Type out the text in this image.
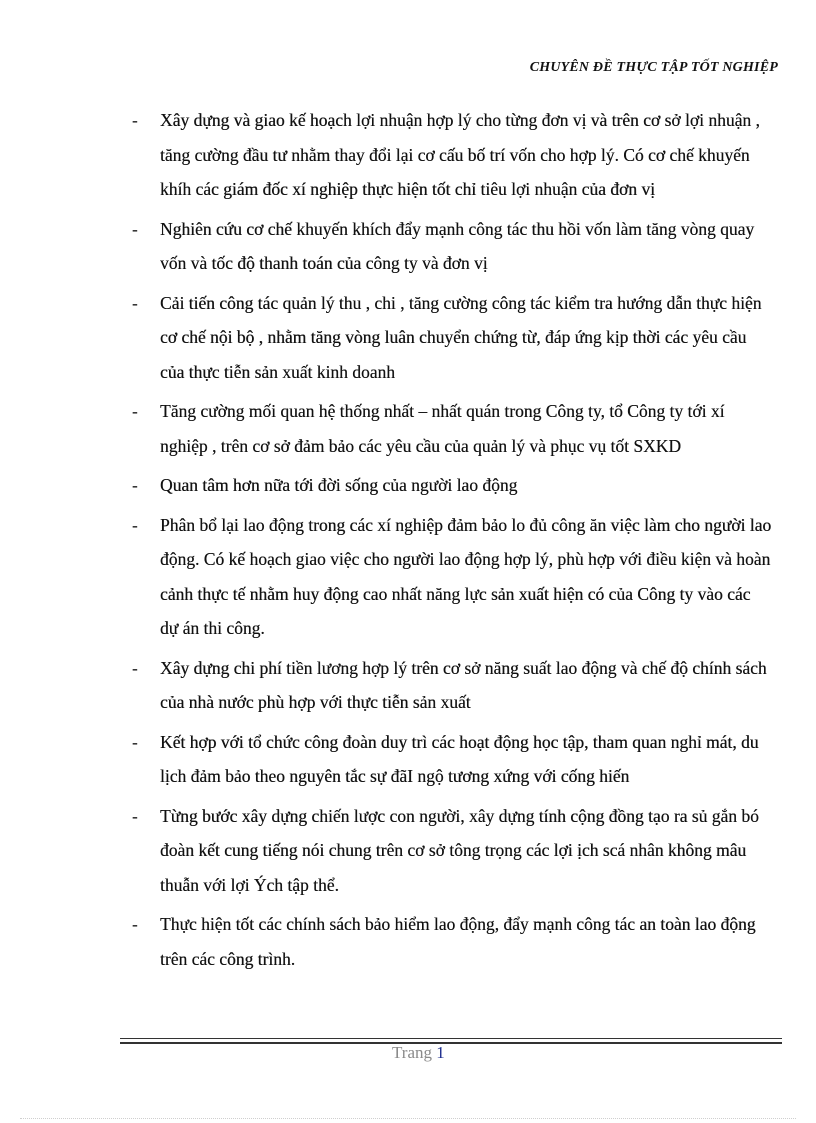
CHUYÊN ĐỀ THỰC TẬP TỐT NGHIỆP
-	Xây dựng và giao kế hoạch lợi nhuận hợp lý cho từng đơn vị và trên cơ sở lợi nhuận , tăng cường đầu tư nhằm thay đổi lại cơ cấu bố trí vốn cho hợp lý. Có cơ chế khuyến khíh các giám đốc xí nghiệp thực hiện tốt chỉ tiêu lợi nhuận của đơn vị
-	Nghiên cứu cơ chế khuyến khích đẩy mạnh công tác thu hồi vốn làm tăng vòng quay vốn và tốc độ thanh toán của công ty và đơn vị
-	Cải tiến công tác quản lý thu , chi , tăng cường công tác kiểm tra hướng dẫn thực hiện cơ chế nội bộ , nhằm tăng vòng luân chuyển chứng từ, đáp ứng kịp thời các yêu cầu của thực tiễn sản xuất kinh doanh
-	Tăng cường mối quan hệ thống nhất – nhất quán trong Công ty, tổ Công ty tới xí nghiệp , trên cơ sở đảm bảo các yêu cầu của quản lý và phục vụ tốt SXKD
-	Quan tâm hơn nữa tới đời sống của người lao động
-	Phân bổ lại lao động trong các xí nghiệp đảm bảo lo đủ công ăn việc làm cho người lao động. Có kế hoạch giao việc cho người lao động hợp lý, phù hợp với điều kiện và hoàn cảnh thực tế nhằm huy động cao nhất năng lực sản xuất hiện có của Công ty vào các dự án thi công.
-	Xây dựng chi phí tiền lương hợp lý trên cơ sở năng suất lao động và chế độ chính sách của nhà nước phù hợp với thực tiễn sản xuất
-	Kết hợp với tổ chức công đoàn duy trì các hoạt động học tập, tham quan nghỉ mát, du lịch đảm bảo theo nguyên tắc sự đãI ngộ tương xứng với cống hiến
-	Từng bước xây dựng chiến lược con người, xây dựng tính cộng đồng tạo ra sủ gắn bó đoàn kết cung tiếng nói chung trên cơ sở tông trọng các lợi ịch scá nhân không mâu thuẫn với lợi Ých tập thể.
-	Thực hiện tốt các chính sách bảo hiểm lao động, đẩy mạnh công tác an toàn lao động trên các công trình.
Trang 1
